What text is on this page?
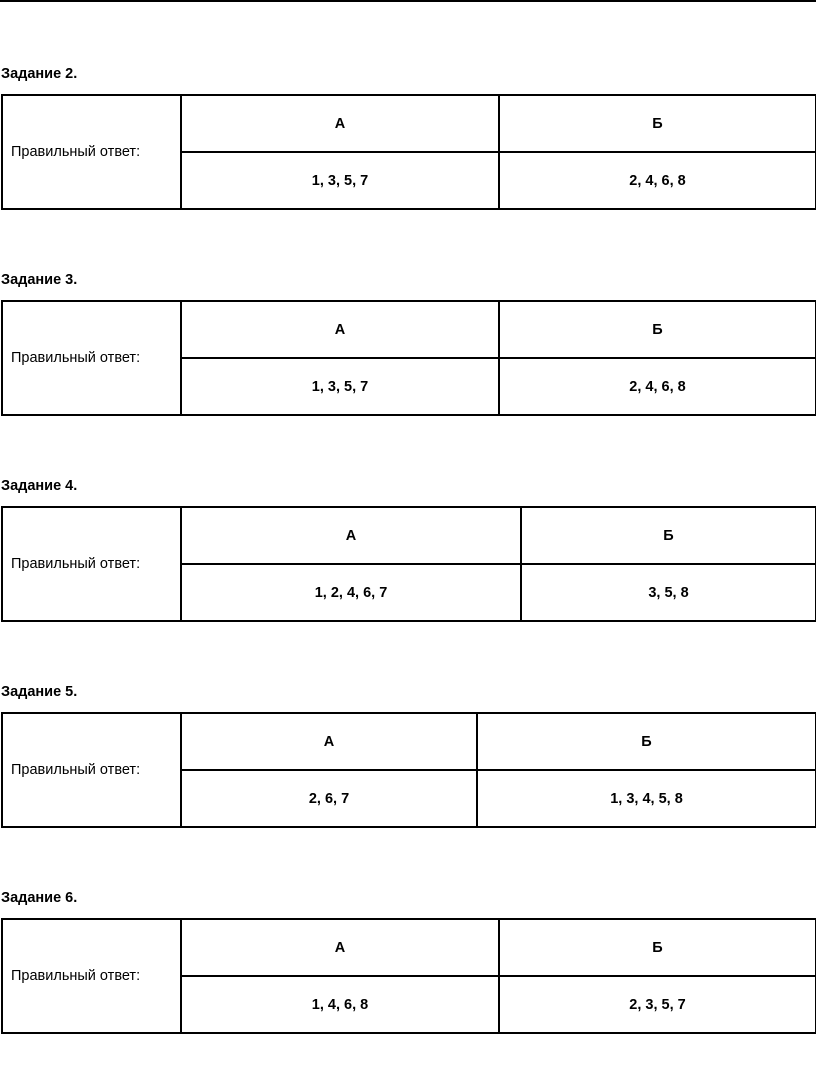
Задание 2.
Правильный ответ:	А	Б
	1, 3, 5, 7	2, 4, 6, 8
Задание 3.
Правильный ответ:	А	Б
	1, 3, 5, 7	2, 4, 6, 8
Задание 4.
Правильный ответ:	А	Б
	1, 2, 4, 6, 7	3, 5, 8
Задание 5.
Правильный ответ:	А	Б
	2, 6, 7	1, 3, 4, 5, 8
Задание 6.
Правильный ответ:	А	Б
	1, 4, 6, 8	2, 3, 5, 7
